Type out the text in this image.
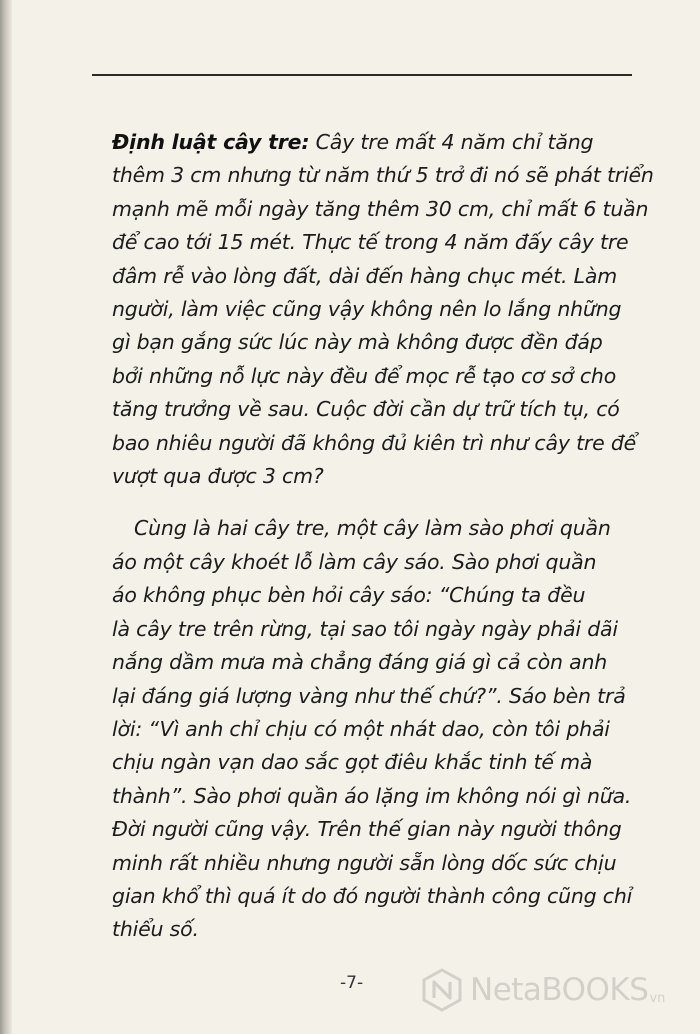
Định luật cây tre: Cây tre mất 4 năm chỉ tăng
thêm 3 cm nhưng từ năm thứ 5 trở đi nó sẽ phát triển
mạnh mẽ mỗi ngày tăng thêm 30 cm, chỉ mất 6 tuần
để cao tới 15 mét. Thực tế trong 4 năm đấy cây tre
đâm rễ vào lòng đất, dài đến hàng chục mét. Làm
người, làm việc cũng vậy không nên lo lắng những
gì bạn gắng sức lúc này mà không được đền đáp
bởi những nỗ lực này đều để mọc rễ tạo cơ sở cho
tăng trưởng về sau. Cuộc đời cần dự trữ tích tụ, có
bao nhiêu người đã không đủ kiên trì như cây tre để
vượt qua được 3 cm?

Cùng là hai cây tre, một cây làm sào phơi quần
áo một cây khoét lỗ làm cây sáo. Sào phơi quần
áo không phục bèn hỏi cây sáo: “Chúng ta đều
là cây tre trên rừng, tại sao tôi ngày ngày phải dãi
nắng dầm mưa mà chẳng đáng giá gì cả còn anh
lại đáng giá lượng vàng như thế chứ?”. Sáo bèn trả
lời: “Vì anh chỉ chịu có một nhát dao, còn tôi phải
chịu ngàn vạn dao sắc gọt điêu khắc tinh tế mà
thành”. Sào phơi quần áo lặng im không nói gì nữa.
Đời người cũng vậy. Trên thế gian này người thông
minh rất nhiều nhưng người sẵn lòng dốc sức chịu
gian khổ thì quá ít do đó người thành công cũng chỉ
thiểu số.

-7-	NetaBOOKS vn
